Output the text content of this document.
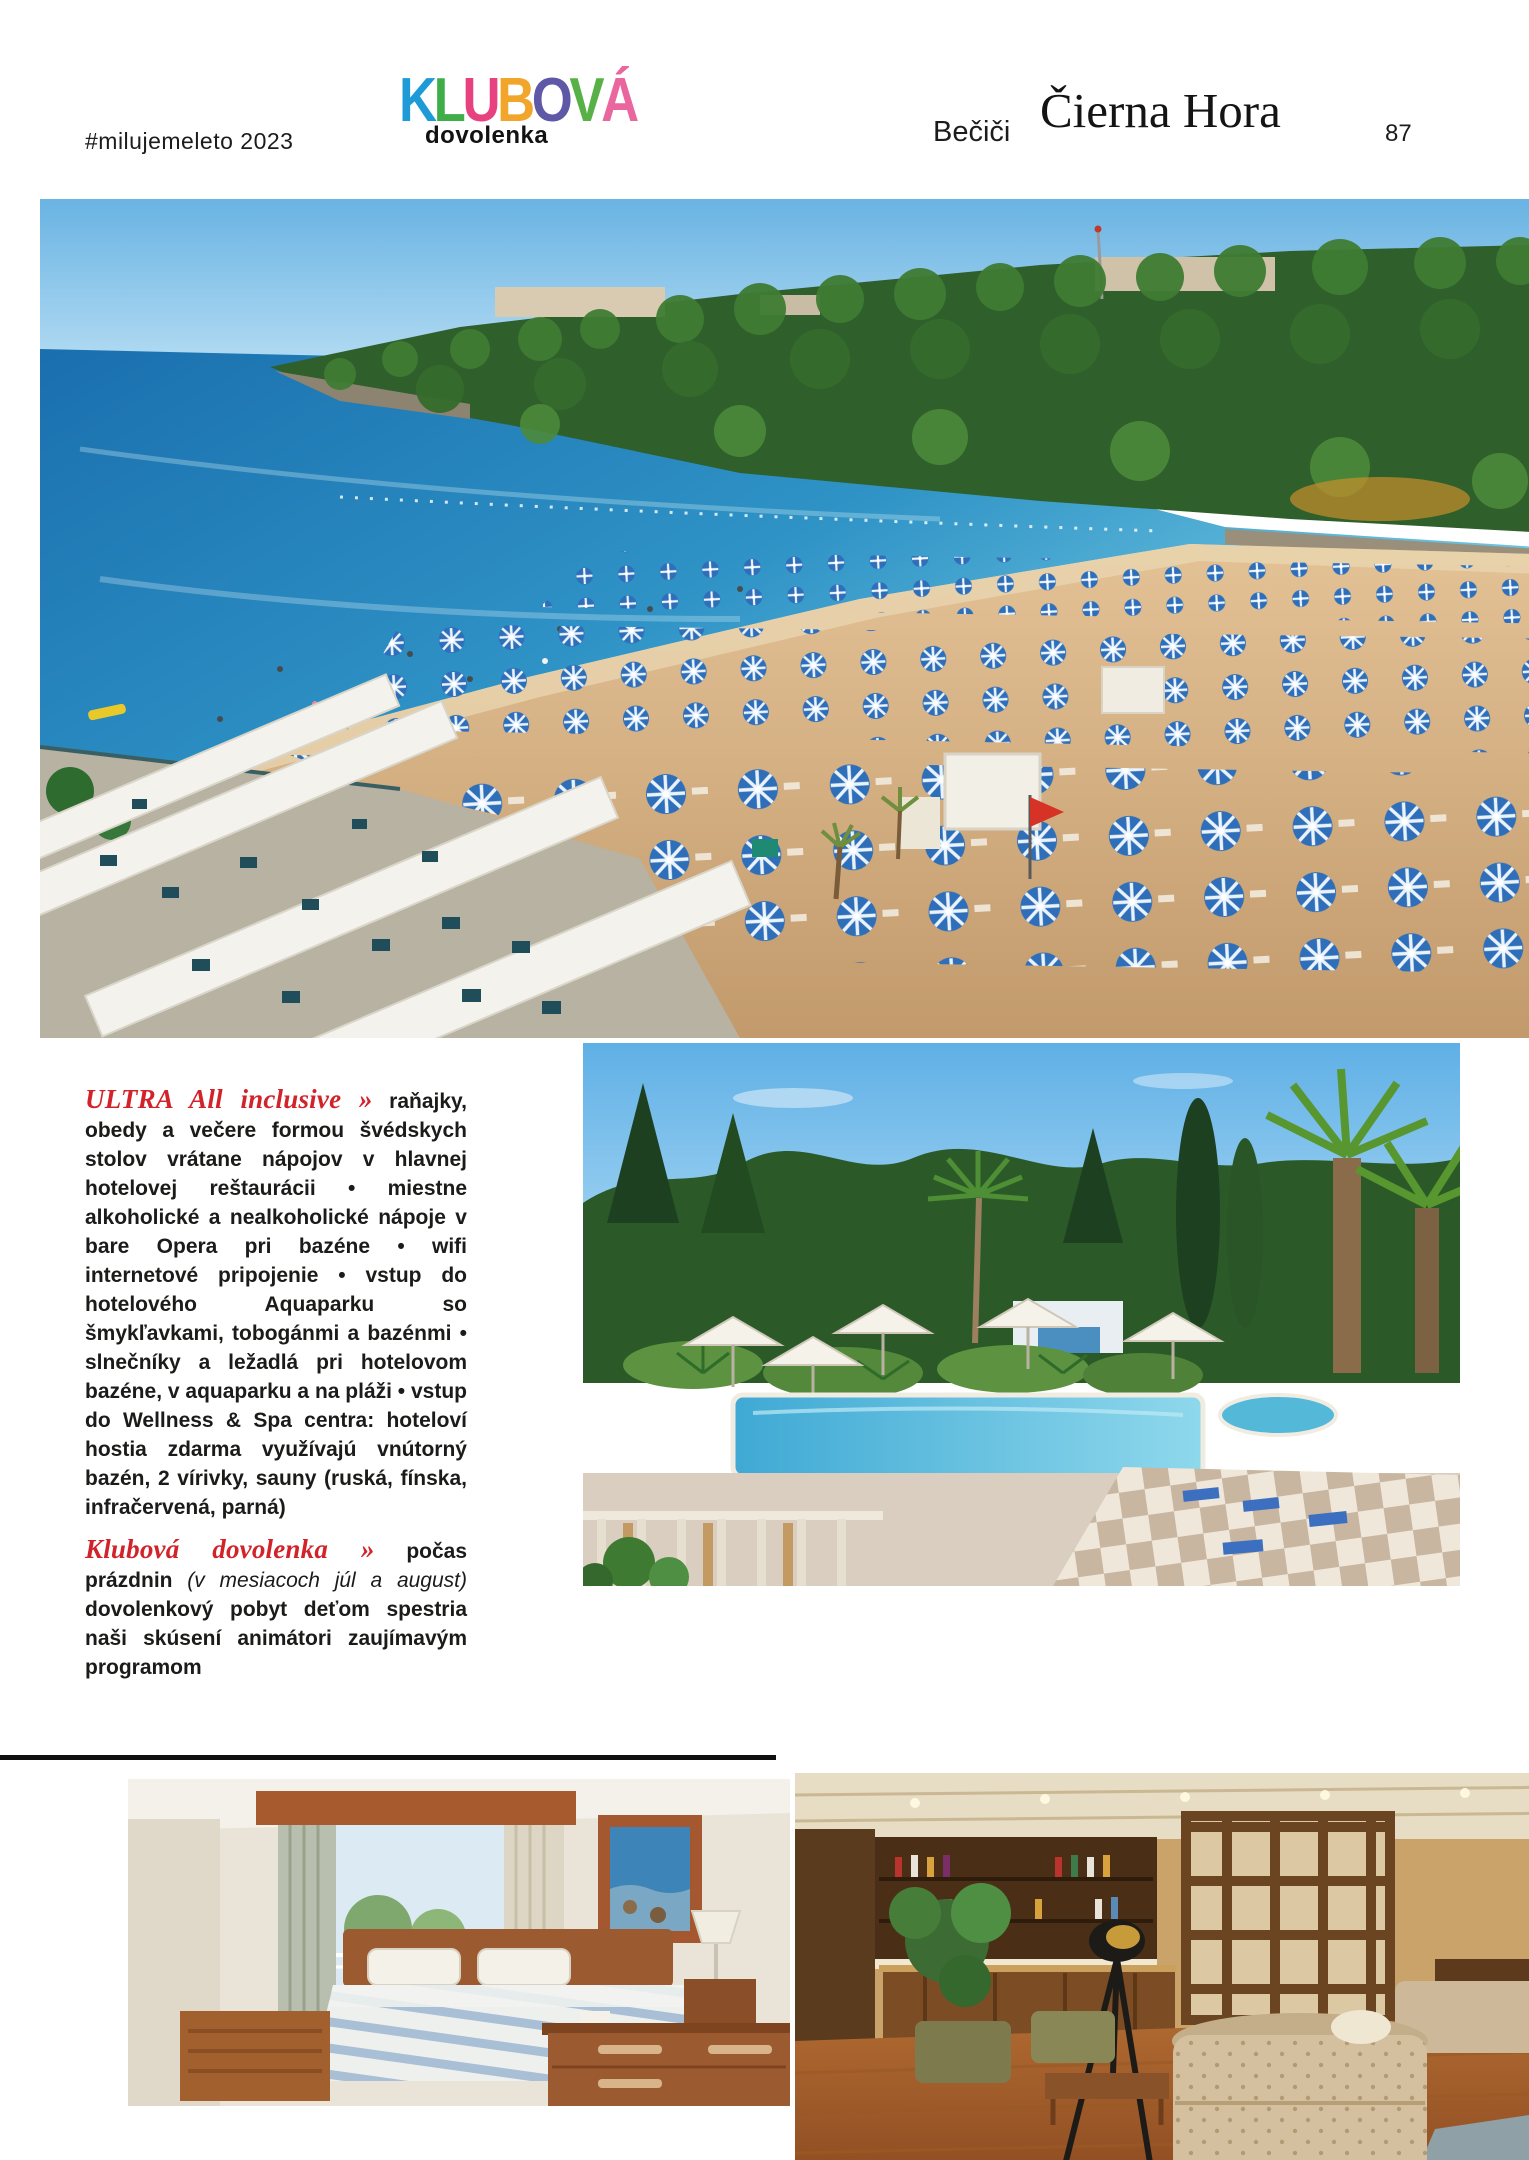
#milujemeleto 2023
KLUBOVÁ
dovolenka	Bečiči Čierna Hora	87

ULTRA All inclusive » raňajky, obedy a večere formou švédskych stolov vrátane nápojov v hlavnej hotelovej reštaurácii • miestne alkoholické a nealkoholické nápoje v bare Opera pri bazéne • wifi internetové pripojenie • vstup do hotelového Aquaparku so šmykľavkami, tobogánmi a bazénmi • slnečníky a ležadlá pri hotelovom bazéne, v aquaparku a na pláži • vstup do Wellness & Spa centra: hoteloví hostia zdarma využívajú vnútorný bazén, 2 vírivky, sauny (ruská, fínska, infračervená, parná)

Klubová dovolenka » počas prázdnin (v mesiacoch júl a august) dovolenkový pobyt deťom spestria naši skúsení animátori zaujímavým programom
